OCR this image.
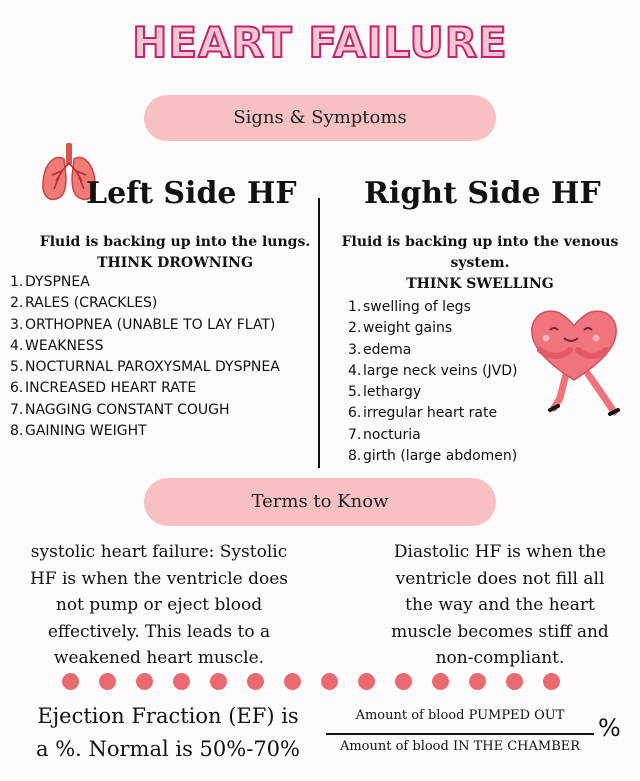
HEART FAILURE
Signs & Symptoms
Left Side HF Right Side HF
Fluid is backing up into the lungs.
THINK DROWNING
Fluid is backing up into the venous
system.
THINK SWELLING
1. DYSPNEA
2. RALES (CRACKLES)
3. ORTHOPNEA (UNABLE TO LAY FLAT)
4. WEAKNESS
5. NOCTURNAL PAROXYSMAL DYSPNEA
6. INCREASED HEART RATE
7. NAGGING CONSTANT COUGH
8. GAINING WEIGHT
1. swelling of legs
2. weight gains
3. edema
4. large neck veins (JVD)
5. lethargy
6. irregular heart rate
7. nocturia
8. girth (large abdomen)
Terms to Know
systolic heart failure: Systolic
HF is when the ventricle does
not pump or eject blood
effectively. This leads to a
weakened heart muscle.
Diastolic HF is when the
ventricle does not fill all
the way and the heart
muscle becomes stiff and
non-compliant.
Ejection Fraction (EF) is
a %. Normal is 50%-70%
Amount of blood PUMPED OUT
Amount of blood IN THE CHAMBER
%
